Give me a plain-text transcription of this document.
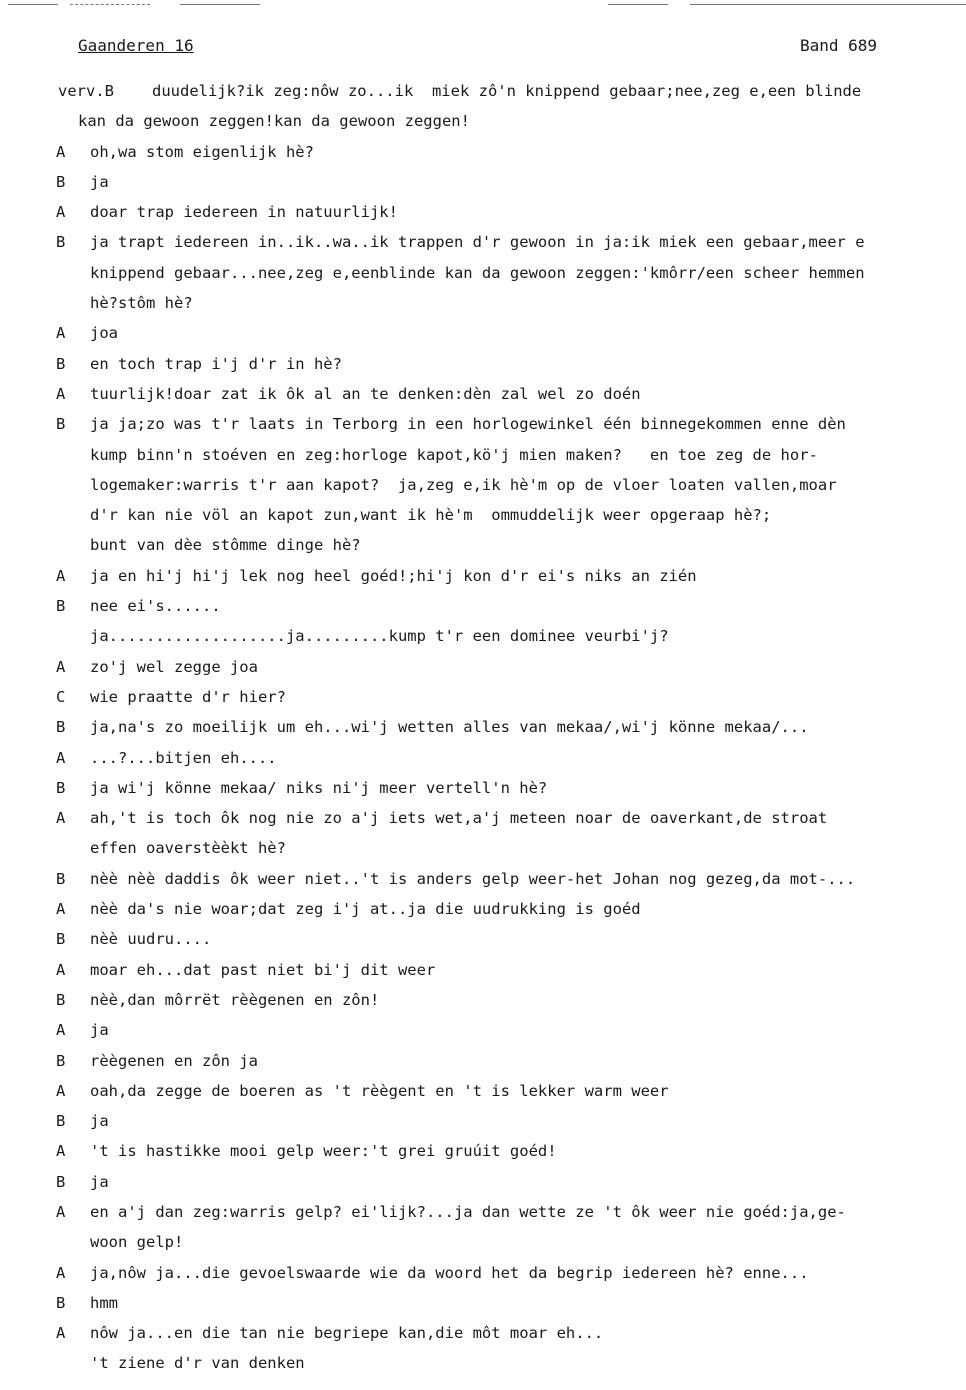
Gaanderen 16	Band 689
verv.B duudelijk?ik zeg:nôw zo...ik  miek zô'n knippend gebaar;nee,zeg e,een blinde
kan da gewoon zeggen!kan da gewoon zeggen!
A	oh,wa stom eigenlijk hè?
B	ja
A	doar trap iedereen in natuurlijk!
B	ja trapt iedereen in..ik..wa..ik trappen d'r gewoon in ja:ik miek een gebaar,meer e
knippend gebaar...nee,zeg e,eenblinde kan da gewoon zeggen:'kmôrr/een scheer hemmen
hè?stôm hè?
A	joa
B	en toch trap i'j d'r in hè?
A	tuurlijk!doar zat ik ôk al an te denken:dèn zal wel zo doén
B	ja ja;zo was t'r laats in Terborg in een horlogewinkel één binnegekommen enne dèn
kump binn'n stoéven en zeg:horloge kapot,kö'j mien maken?   en toe zeg de hor-
logemaker:warris t'r aan kapot?  ja,zeg e,ik hè'm op de vloer loaten vallen,moar
d'r kan nie völ an kapot zun,want ik hè'm  ommuddelijk weer opgeraap hè?;
bunt van dèe stômme dinge hè?
A	ja en hi'j hi'j lek nog heel goéd!;hi'j kon d'r ei's niks an zién
B	nee ei's......
ja...................ja.........kump t'r een dominee veurbi'j?
A	zo'j wel zegge joa
C	wie praatte d'r hier?
B	ja,na's zo moeilijk um eh...wi'j wetten alles van mekaa/,wi'j könne mekaa/...
A	...?...bitjen eh....
B	ja wi'j könne mekaa/ niks ni'j meer vertell'n hè?
A	ah,'t is toch ôk nog nie zo a'j iets wet,a'j meteen noar de oaverkant,de stroat
effen oaverstèèkt hè?
B	nèè nèè daddis ôk weer niet..'t is anders gelp weer-het Johan nog gezeg,da mot-...
A	nèè da's nie woar;dat zeg i'j at..ja die uudrukking is goéd
B	nèè uudru....
A	moar eh...dat past niet bi'j dit weer
B	nèè,dan môrrët rèègenen en zôn!
A	ja
B	rèègenen en zôn ja
A	oah,da zegge de boeren as 't rèègent en 't is lekker warm weer
B	ja
A	't is hastikke mooi gelp weer:'t grei gruúit goéd!
B	ja
A	en a'j dan zeg:warris gelp? ei'lijk?...ja dan wette ze 't ôk weer nie goéd:ja,ge-
woon gelp!
A	ja,nôw ja...die gevoelswaarde wie da woord het da begrip iedereen hè? enne...
B	hmm
A	nôw ja...en die tan nie begriepe kan,die môt moar eh...
't ziene d'r van denken
